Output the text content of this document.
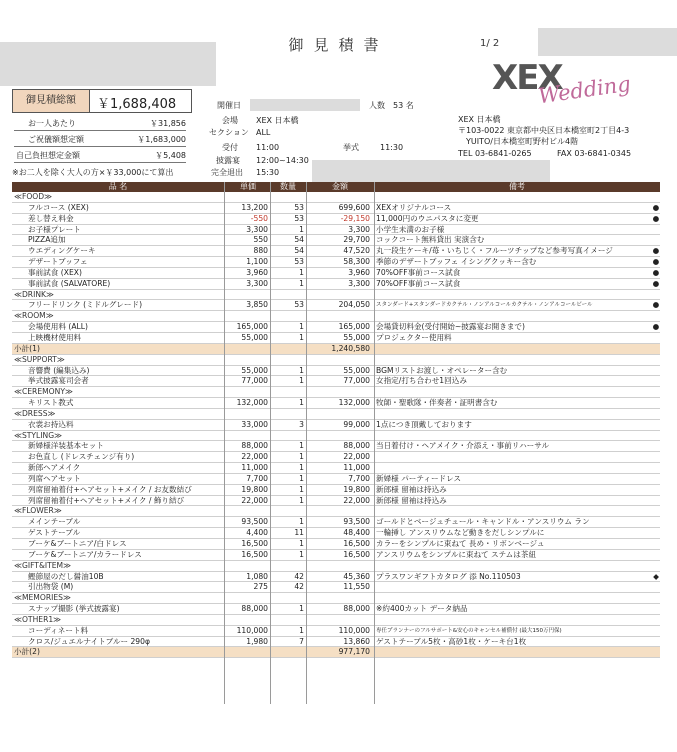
御見積書	1/ 2
XEX
Wedding
御見積総額	￥1,688,408
お一人あたり	￥31,856
ご祝儀額想定額	￥1,683,000
自己負担想定金額	￥5,408
※お二人を除く大人の方×￥33,000にて算出
開催日	人数 53 名
会場 XEX 日本橋
セクション ALL
受付 11:00	挙式	11:30
披露宴 12:00~14:30
完全退出 15:30
XEX 日本橋
〒103-0022 東京都中央区日本橋室町2丁目4-3
YUITO/日本橋室町野村ビル4階
TEL 03-6841-0265	FAX 03-6841-0345
品 名	単価	数量	金額	備考
≪FOOD≫
フルコース (XEX)	13,200	53	699,600 XEXオリジナルコース	●
差し替え料金	-550	53	-29,150 11,000円のウニパスタに変更	●
お子様プレート	3,300	1	3,300 小学生未満のお子様
PIZZA追加	550	54	29,700 コックコート無料貸出 実演含む
ウエディングケーキ	880	54	47,520 丸一段生ケーキ/苺・いちじく・フルーツチップなど参考写真イメージ	●
デザートブッフェ	1,100	53	58,300 季節のデザートブッフェ イシングクッキー含む	●
事前試食 (XEX)	3,960	1	3,960 70%OFF事前コース試食	●
事前試食 (SALVATORE)	3,300	1	3,300 70%OFF事前コース試食	●
≪DRINK≫
フリードリンク (ミドルグレード)	3,850	53	204,050 スタンダード+スタンダードカクテル・ノンアルコールカクテル・ノンアルコールビール	●
≪ROOM≫
会場使用料 (ALL)	165,000	1	165,000 会場貸切料金(受付開始~披露宴お開きまで)	●
上映機材使用料	55,000	1	55,000 プロジェクター使用料
小計(1)	1,240,580
≪SUPPORT≫
音響費 (編集込み)	55,000	1	55,000 BGMリストお渡し・オペレーター含む
挙式披露宴司会者	77,000	1	77,000 女指定/打ち合わせ1回込み
≪CEREMONY≫
キリスト教式	132,000	1	132,000 牧師・聖歌隊・伴奏者・証明書含む
≪DRESS≫
衣裳お持込料	33,000	3	99,000 1点につき頂戴しております
≪STYLING≫
新婦様洋装基本セット	88,000	1	88,000 当日着付け・ヘアメイク・介添え・事前リハーサル
お色直し (ドレスチェンジ有り)	22,000	1	22,000
新郎ヘアメイク	11,000	1	11,000
列席ヘアセット	7,700	1	7,700 新婦様 パーティードレス
列席留袖着付+ヘアセット+メイク / お友数結び	19,800	1	19,800 新郎様 留袖は持込み
列席留袖着付+ヘアセット+メイク / 飾り結び	22,000	1	22,000 新郎様 留袖は持込み
≪FLOWER≫
メインテーブル	93,500	1	93,500 ゴールドとベージュチュール・キャンドル・アンスリウム ラン
ゲストテーブル	4,400	11	48,400 一輪挿し アンスリウムなど動きをだしシンプルに
ブーケ&ブートニア/白ドレス	16,500	1	16,500 カラーをシンプルに束ねて 長め・リボンベージュ
ブーケ&ブートニア/カラードレス	16,500	1	16,500 アンスリウムをシンプルに束ねて ステムは茶紐
≪GIFT&ITEM≫
鰹節屋のだし醤油10B	1,080	42	45,360 プラスワンギフトカタログ 添 No.110503	◆
引出物袋 (M)	275	42	11,550
≪MEMORIES≫
スナップ撮影 (挙式披露宴)	88,000	1	88,000 ※約400カット データ納品
≪OTHER1≫
コーディネート料	110,000	1	110,000 専任プランナーのフルサポート&安心のキャンセル補償付 (最大150万円保)
クロス/ジュエルナイトブルー 290φ	1,980	7	13,860 ゲストテーブル5枚・高砂1枚・ケーキ台1枚
小計(2)	977,170
